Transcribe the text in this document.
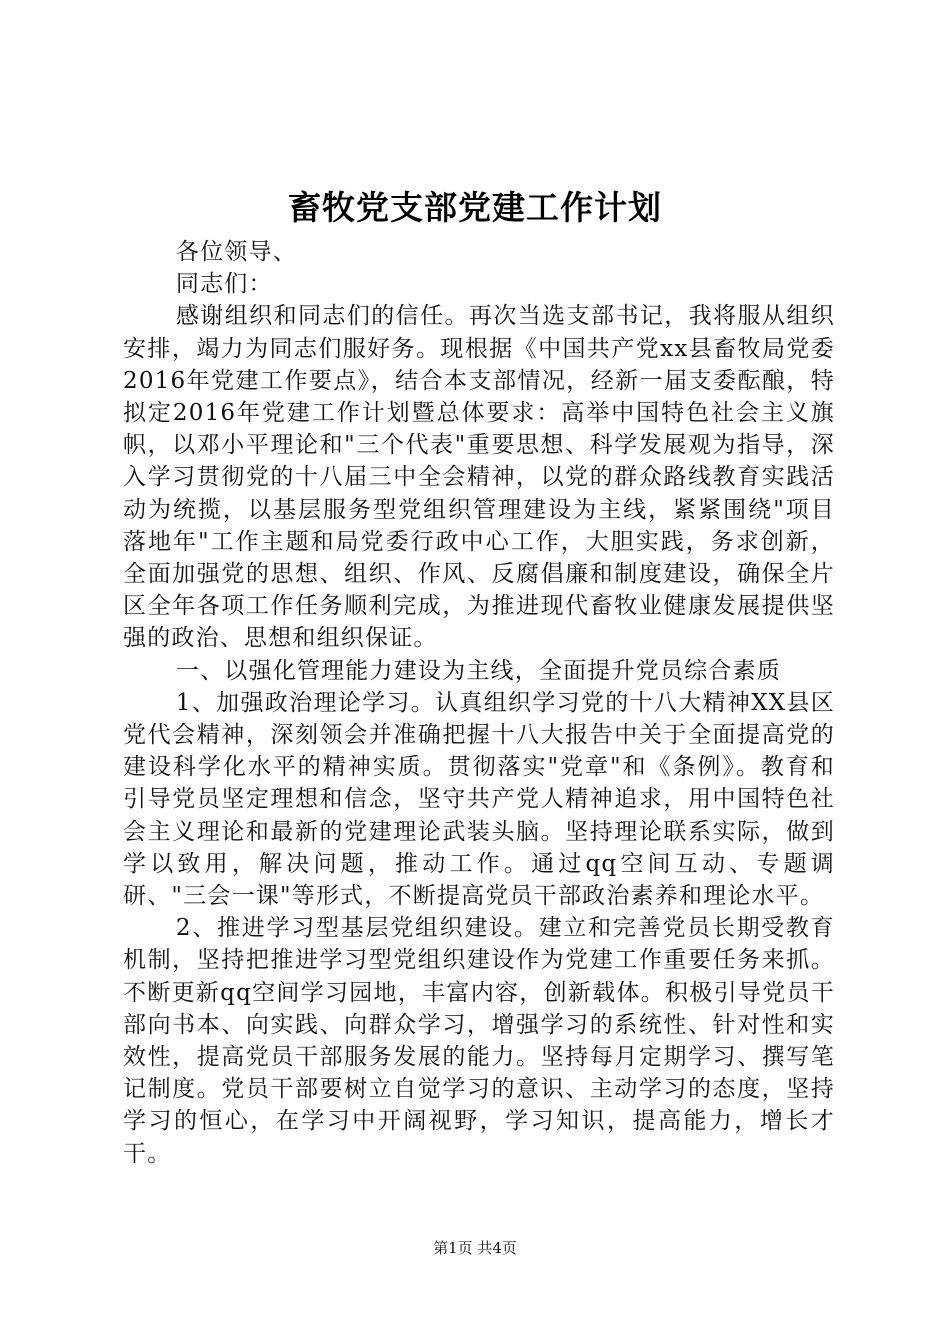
畜牧党支部党建工作计划

各位领导、

同志们：

感谢组织和同志们的信任。再次当选支部书记，我将服从组织安排，竭力为同志们服好务。现根据《中国共产党xx县畜牧局党委2016年党建工作要点》，结合本支部情况，经新一届支委酝酿，特拟定2016年党建工作计划暨总体要求：高举中国特色社会主义旗帜，以邓小平理论和"三个代表"重要思想、科学发展观为指导，深入学习贯彻党的十八届三中全会精神，以党的群众路线教育实践活动为统揽，以基层服务型党组织管理建设为主线，紧紧围绕"项目落地年"工作主题和局党委行政中心工作，大胆实践，务求创新，全面加强党的思想、组织、作风、反腐倡廉和制度建设，确保全片区全年各项工作任务顺利完成，为推进现代畜牧业健康发展提供坚强的政治、思想和组织保证。

一、以强化管理能力建设为主线，全面提升党员综合素质

1、加强政治理论学习。认真组织学习党的十八大精神XX县区党代会精神，深刻领会并准确把握十八大报告中关于全面提高党的建设科学化水平的精神实质。贯彻落实"党章"和《条例》。教育和引导党员坚定理想和信念，坚守共产党人精神追求，用中国特色社会主义理论和最新的党建理论武装头脑。坚持理论联系实际，做到学以致用，解决问题，推动工作。通过qq空间互动、专题调研、"三会一课"等形式，不断提高党员干部政治素养和理论水平。

2、推进学习型基层党组织建设。建立和完善党员长期受教育机制，坚持把推进学习型党组织建设作为党建工作重要任务来抓。不断更新qq空间学习园地，丰富内容，创新载体。积极引导党员干部向书本、向实践、向群众学习，增强学习的系统性、针对性和实效性，提高党员干部服务发展的能力。坚持每月定期学习、撰写笔记制度。党员干部要树立自觉学习的意识、主动学习的态度，坚持学习的恒心，在学习中开阔视野，学习知识，提高能力，增长才干。

第1页 共4页
